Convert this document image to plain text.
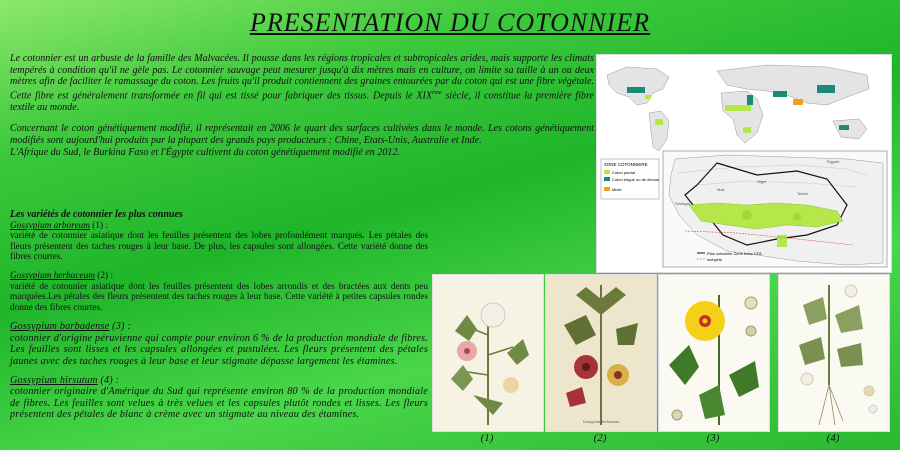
PRESENTATION DU COTONNIER

Le cotonnier est un arbuste de la famille des Malvacées. Il pousse dans les régions tropicales et subtropicales arides, mais supporte les climats tempérés à condition qu'il ne gèle pas. Le cotonnier sauvage peut mesurer jusqu'à dix mètres mais en culture, on limite sa taille à un ou deux mètres afin de faciliter le ramassage du coton. Les fruits qu'il produit contiennent des graines entourées par du coton qui est une fibre végétale. Cette fibre est généralement transformée en fil qui est tissé pour fabriquer des tissus. Depuis le XIXème siècle, il constitue la première fibre textile au monde.

Concernant le coton génétiquement modifié, il représentait en 2006 le quart des surfaces cultivées dans le monde. Les cotons génétiquement modifiés sont aujourd'hui produits par la plupart des grands pays producteurs : Chine, Etats-Unis, Australie et Inde.
L'Afrique du Sud, le Burkina Faso et l'Égypte cultivent du coton génétiquement modifié en 2012.

Les variétés de cotonnier les plus connues

Gossypium arboreum (1) :
variété de cotonnier asiatique dont les feuilles présentent des lobes profondément marqués. Les pétales des fleurs présentent des taches rouges à leur base. De plus, les capsules sont allongées. Cette variété donne des fibres courtes.
Gossypium herbaceum (2) :
variété de cotonnier asiatique dont les feuilles présentent des lobes arrondis et des bractées aux dents peu marquées.Les pétales des fleurs présentent des taches rouges à leur base. Cette variété à petites capsules rondes donne des fibres courtes.
Gossypium barbadense (3) :
cotonnier d'origine péruvienne qui compte pour environ 6 % de la production mondiale de fibres. Les feuilles sont lisses et les capsules allongées et pustulées. Les fleurs présentent des pétales jaunes avec des taches rouges à leur base et leur stigmate dépasse largement les étamines.
Gossypium hirsutum (4) :
cotonnier originaire d'Amérique du Sud qui représente environ 80 % de la production mondiale de fibres. Les feuilles sont velues à très velues et les capsules plutôt rondes et lisses. Les fleurs présentent des pétales de blanc à crème avec un stigmate au niveau des étamines.
ZONE COTONNIERE
Coton pluvial
Coton irrigué ou de décrue
Mixte
Égypte
Niger
Mali
Tchad
Sénégal
Plan cotonnier Zone franc CFA
Isohyète
(1)
Gossypium herbaceum
(2)	(3)	(4)
